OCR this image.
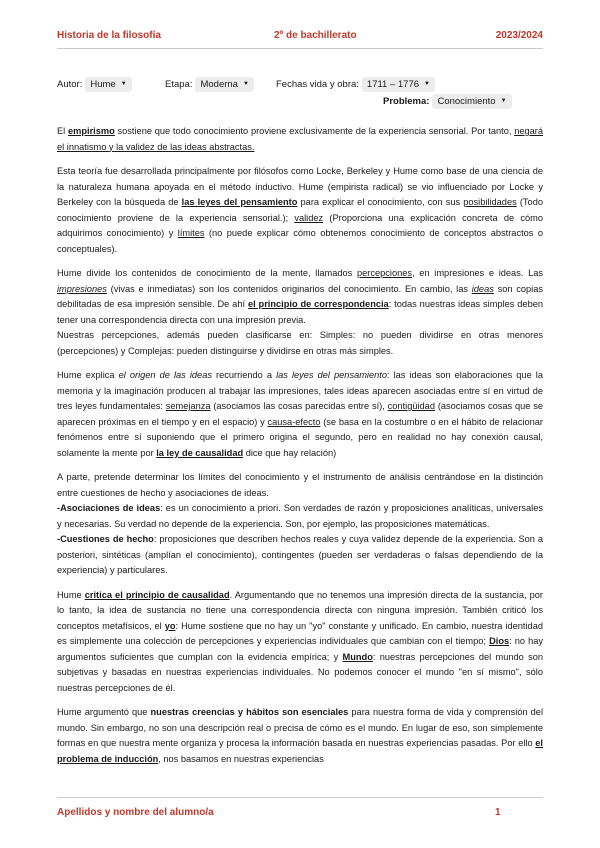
Historia de la filosofía	2º de bachillerato	2023/2024
Autor: Hume ▼	Etapa: Moderna ▼	Fechas vida y obra: 1711 – 1776 ▼
Problema: Conocimiento ▼

El empirismo sostiene que todo conocimiento proviene exclusivamente de la experiencia sensorial. Por tanto, negará el innatismo y la validez de las ideas abstractas.

Esta teoría fue desarrollada principalmente por filósofos como Locke, Berkeley y Hume como base de una ciencia de la naturaleza humana apoyada en el método inductivo. Hume (empirista radical) se vio influenciado por Locke y Berkeley con la búsqueda de las leyes del pensamiento para explicar el conocimiento, con sus posibilidades (Todo conocimiento proviene de la experiencia sensorial.); validez (Proporciona una explicación concreta de cómo adquirimos conocimiento) y límites (no puede explicar cómo obtenemos conocimiento de conceptos abstractos o conceptuales).

Hume divide los contenidos de conocimiento de la mente, llamados percepciones, en impresiones e ideas. Las impresiones (vivas e inmediatas) son los contenidos originarios del conocimiento. En cambio, las ideas son copias debilitadas de esa impresión sensible. De ahí el principio de correspondencia: todas nuestras ideas simples deben tener una correspondencia directa con una impresión previa.

Nuestras percepciones, además pueden clasificarse en: Simples: no pueden dividirse en otras menores (percepciones) y Complejas: pueden distinguirse y dividirse en otras más simples.

Hume explica el origen de las ideas recurriendo a las leyes del pensamiento: las ideas son elaboraciones que la memoria y la imaginación producen al trabajar las impresiones, tales ideas aparecen asociadas entre sí en virtud de tres leyes fundamentales: semejanza (asociamos las cosas parecidas entre sí), contigüidad (asociamos cosas que se aparecen próximas en el tiempo y en el espacio) y causa-efecto (se basa en la costumbre o en el hábito de relacionar fenómenos entre sí suponiendo que el primero origina el segundo, pero en realidad no hay conexión causal, solamente la mente por la ley de causalidad dice que hay relación)

A parte, pretende determinar los límites del conocimiento y el instrumento de análisis centrándose en la distinción entre cuestiones de hecho y asociaciones de ideas.

-Asociaciones de ideas: es un conocimiento a priori. Son verdades de razón y proposiciones analíticas, universales y necesarias. Su verdad no depende de la experiencia. Son, por ejemplo, las proposiciones matemáticas.

-Cuestiones de hecho: proposiciones que describen hechos reales y cuya validez depende de la experiencia. Son a posteriori, sintéticas (amplían el conocimiento), contingentes (pueden ser verdaderas o falsas dependiendo de la experiencia) y particulares.

Hume critica el principio de causalidad. Argumentando que no tenemos una impresión directa de la sustancia, por lo tanto, la idea de sustancia no tiene una correspondencia directa con ninguna impresión. También criticó los conceptos metafísicos, el yo: Hume sostiene que no hay un "yo" constante y unificado. En cambio, nuestra identidad es simplemente una colección de percepciones y experiencias individuales que cambian con el tiempo; Dios: no hay argumentos suficientes que cumplan con la evidencia empírica; y Mundo: nuestras percepciones del mundo son subjetivas y basadas en nuestras experiencias individuales. No podemos conocer el mundo "en sí mismo", sólo nuestras percepciones de él.

Hume argumentó que nuestras creencias y hábitos son esenciales para nuestra forma de vida y comprensión del mundo. Sin embargo, no son una descripción real o precisa de cómo es el mundo. En lugar de eso, son simplemente formas en que nuestra mente organiza y procesa la información basada en nuestras experiencias pasadas. Por ello el problema de inducción, nos basamos en nuestras experiencias

Apellidos y nombre del alumno/a	1
